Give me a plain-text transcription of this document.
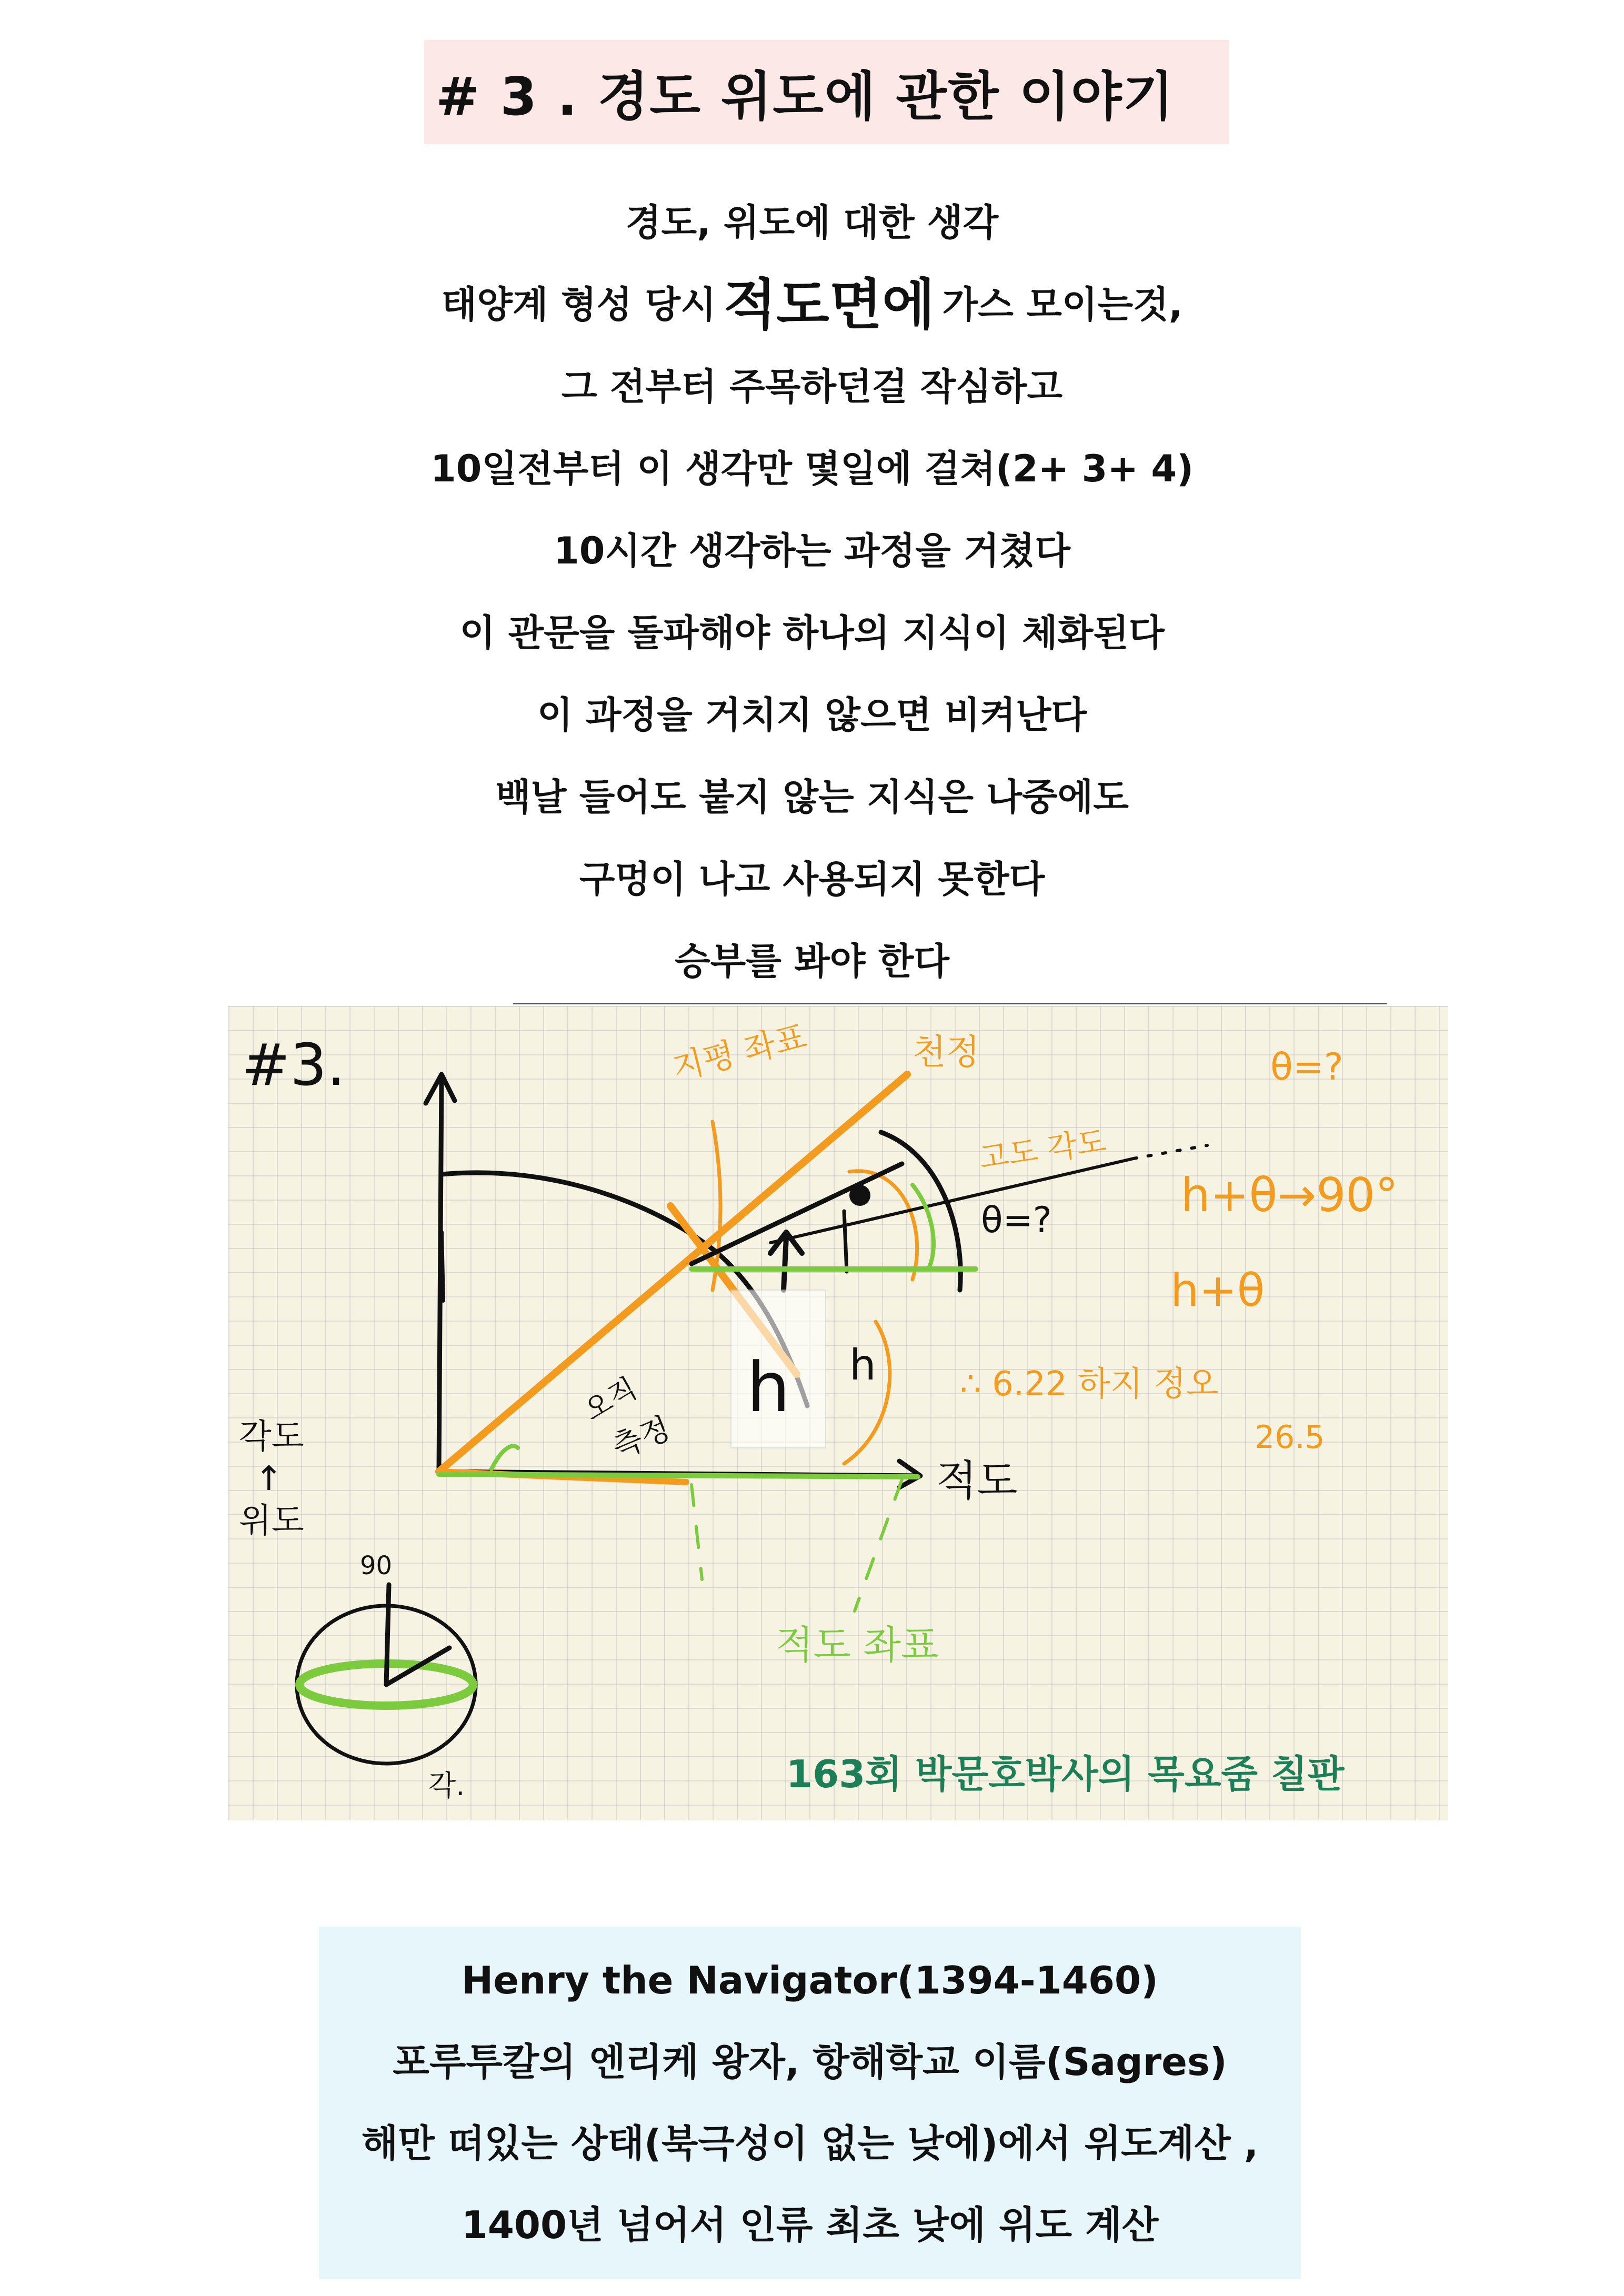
# 3 . 경도 위도에 관한 이야기
경도, 위도에 대한 생각
태양계 형성 당시 적도면에 가스 모이는것,
그 전부터 주목하던걸 작심하고
10일전부터 이 생각만 몇일에 걸쳐(2+ 3+ 4)
10시간 생각하는 과정을 거쳤다
이 관문을 돌파해야 하나의 지식이 체화된다
이 과정을 거치지 않으면 비켜난다
백날 들어도 붙지 않는 지식은 나중에도
구멍이 나고 사용되지 못한다
승부를 봐야 한다
#3.	지평 좌표	천정	θ=?
θ=?
고도 각도
h+θ→90°
h+θ
∴ 6.22 하지 정오
26.5
오직
측정
h h
적도
적도 좌표
각도
↑
위도
90
각.	163회 박문호박사의 목요줌 칠판
Henry the Navigator(1394-1460)
포루투칼의 엔리케 왕자, 항해학교 이름(Sagres)
해만 떠있는 상태(북극성이 없는 낮에)에서 위도계산 ,
1400년 넘어서 인류 최초 낮에 위도 계산
